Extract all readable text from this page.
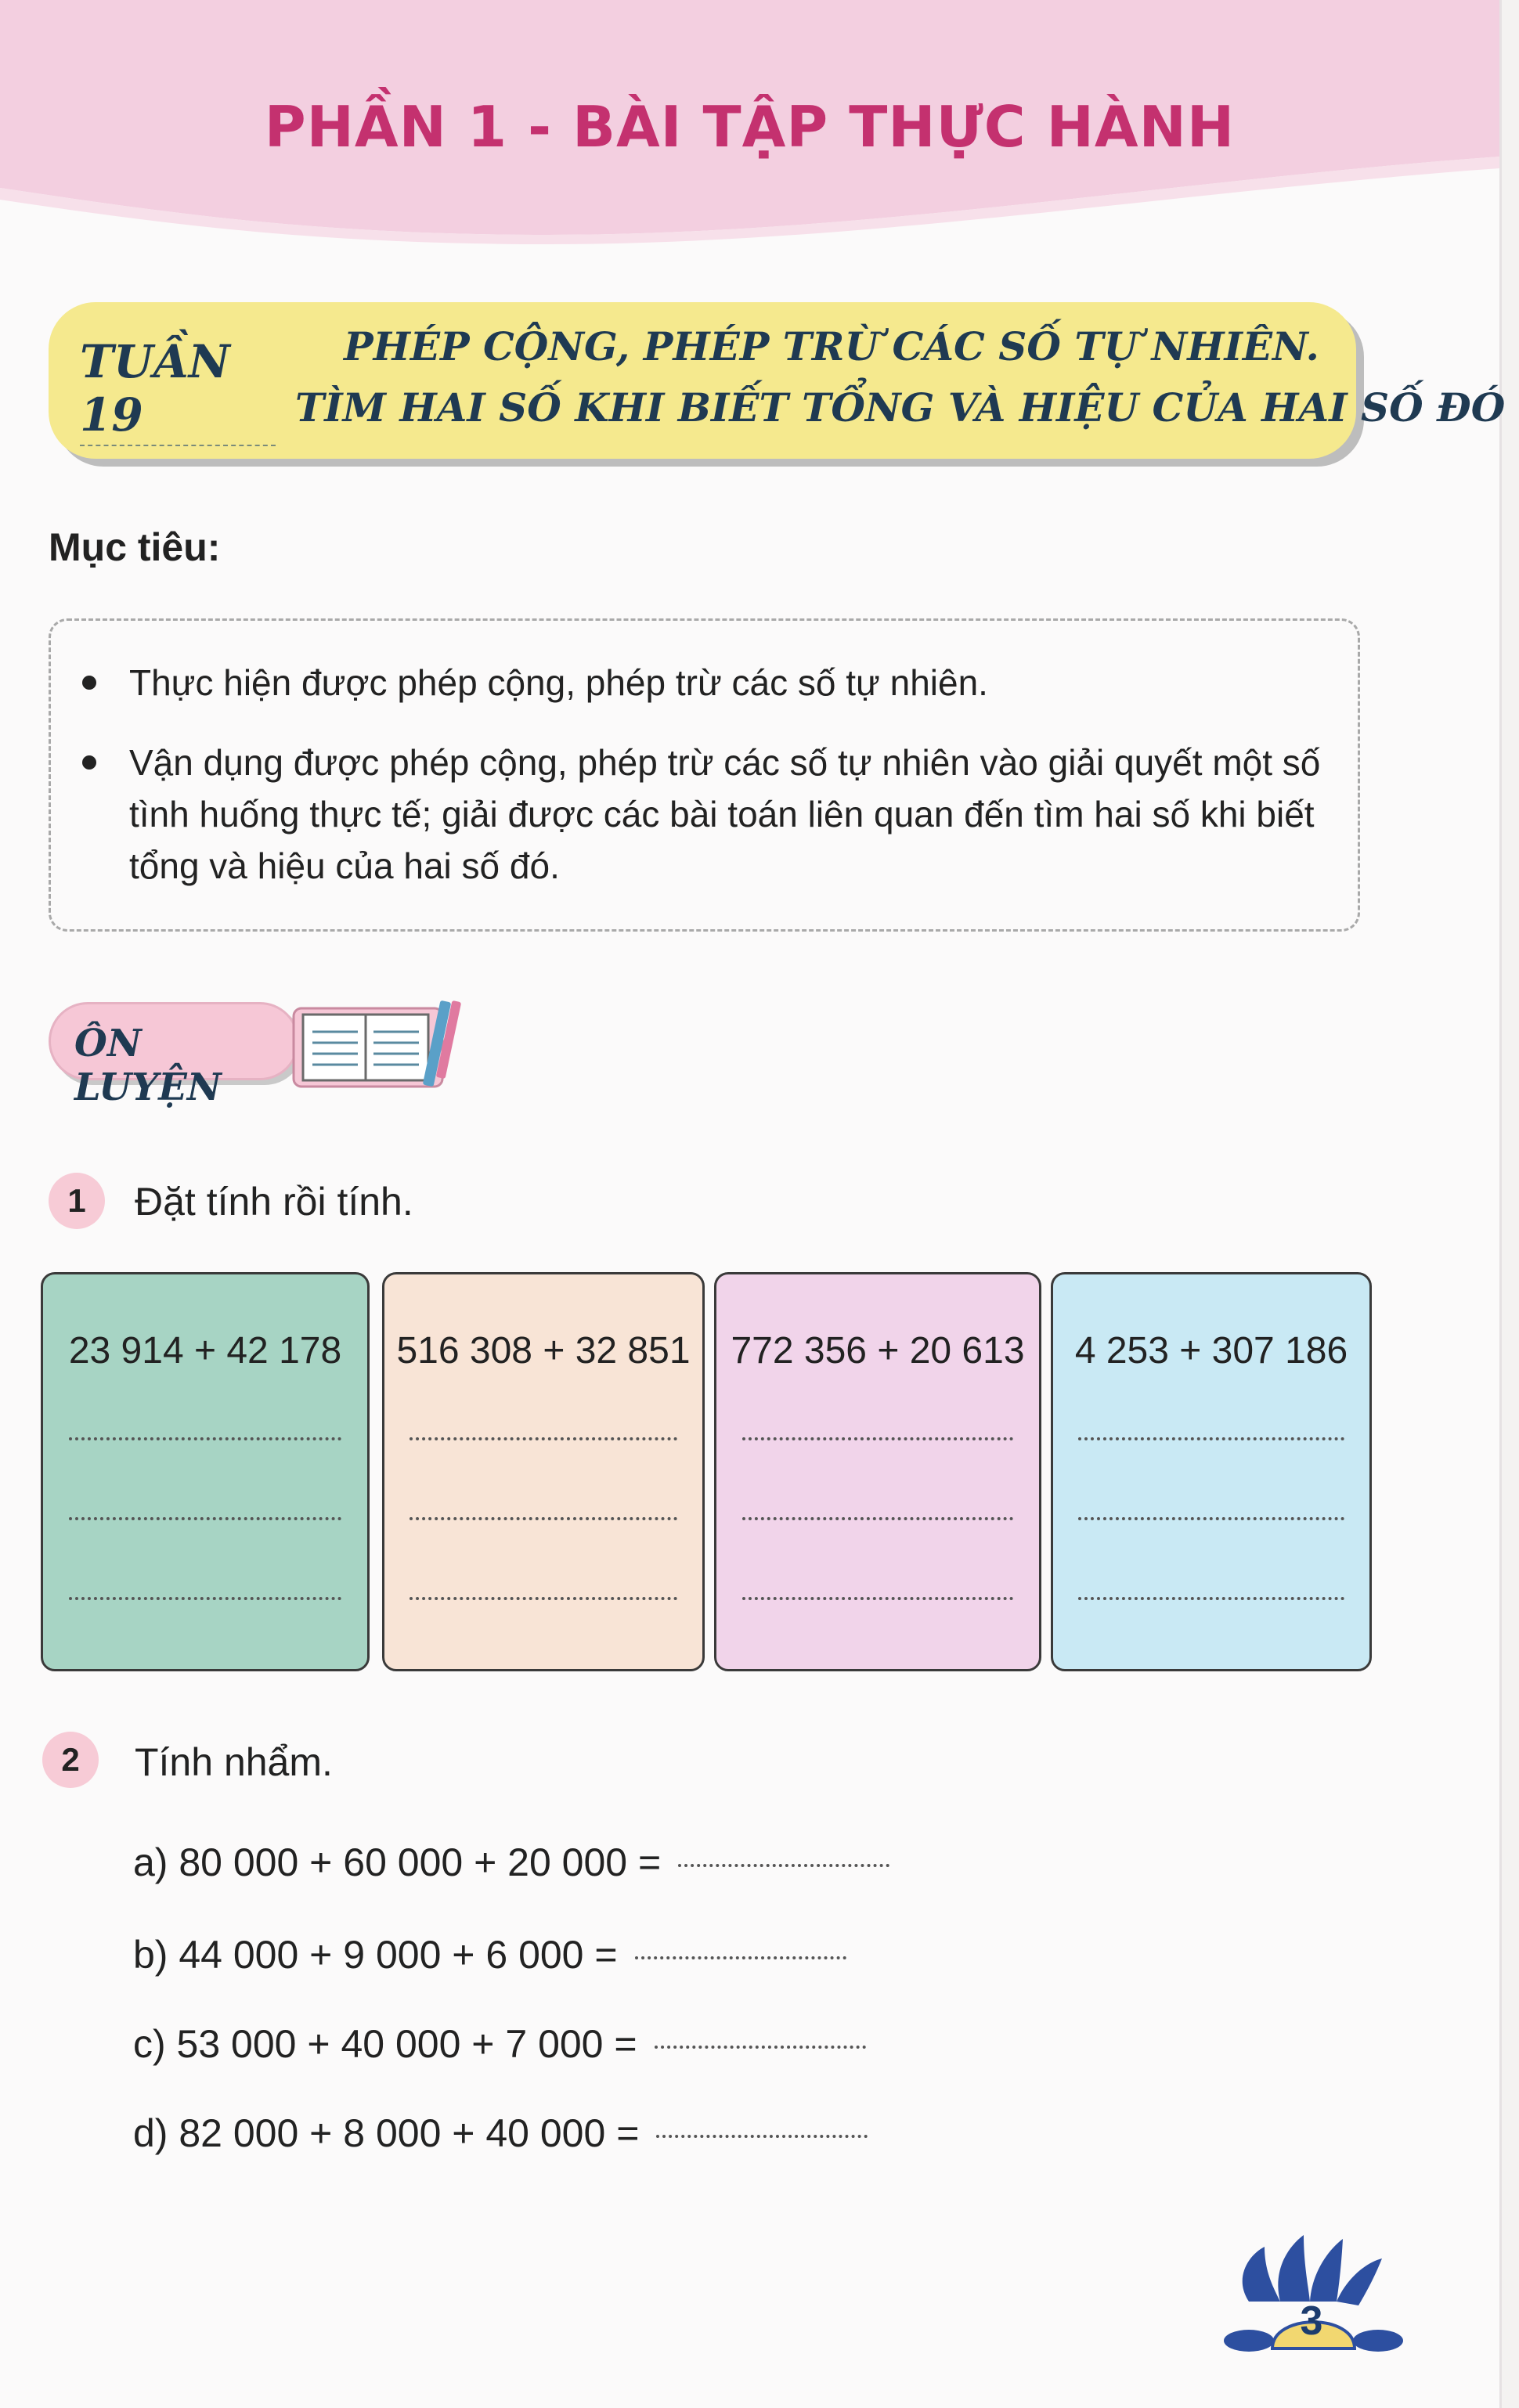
PHẦN 1 - BÀI TẬP THỰC HÀNH
TUẦN 19
PHÉP CỘNG, PHÉP TRỪ CÁC SỐ TỰ NHIÊN.
TÌM HAI SỐ KHI BIẾT TỔNG VÀ HIỆU CỦA HAI SỐ ĐÓ
Mục tiêu:
Thực hiện được phép cộng, phép trừ các số tự nhiên.
Vận dụng được phép cộng, phép trừ các số tự nhiên vào giải quyết một số tình huống thực tế; giải được các bài toán liên quan đến tìm hai số khi biết tổng và hiệu của hai số đó.
ÔN LUYỆN
1	Đặt tính rồi tính.
23 914 + 42 178	516 308 + 32 851	772 356 + 20 613	4 253 + 307 186
2	Tính nhẩm.
a) 80 000 + 60 000 + 20 000 =
b) 44 000 + 9 000 + 6 000 =
c) 53 000 + 40 000 + 7 000 =
d) 82 000 + 8 000 + 40 000 =
3
